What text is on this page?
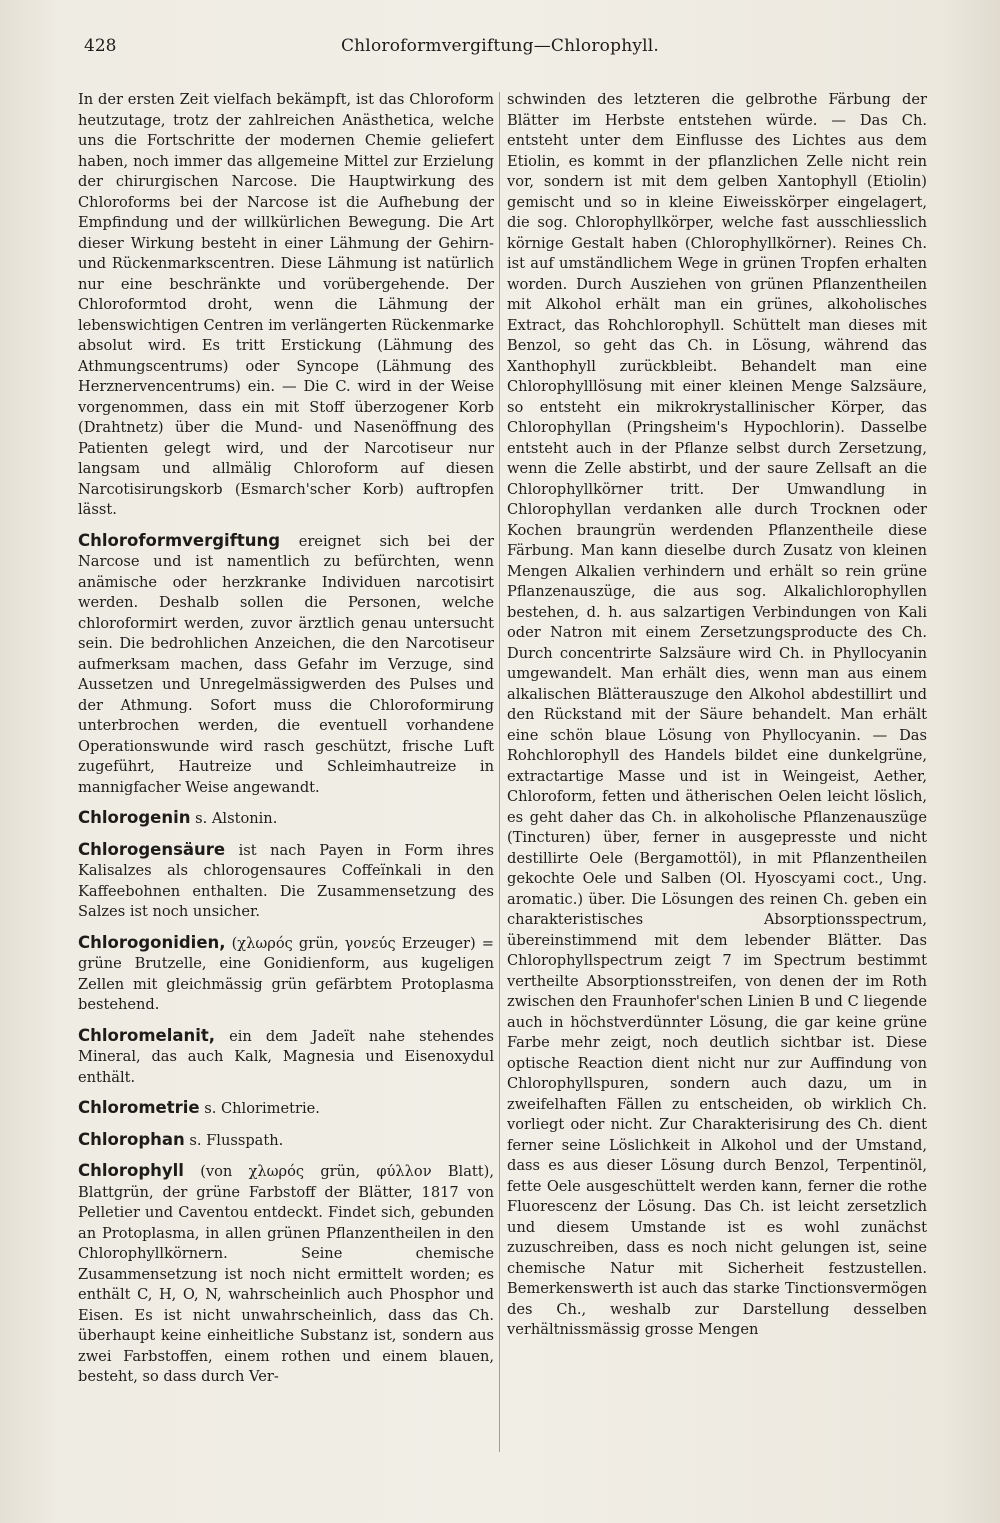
428	Chloroformvergiftung—Chlorophyll.

In der ersten Zeit vielfach bekämpft, ist das Chloroform heutzutage, trotz der zahlreichen Anästhetica, welche uns die Fortschritte der modernen Chemie geliefert haben, noch immer das allgemeine Mittel zur Erzielung der chirurgischen Narcose. Die Hauptwirkung des Chloroforms bei der Narcose ist die Aufhebung der Empfindung und der willkürlichen Bewegung. Die Art dieser Wirkung besteht in einer Lähmung der Gehirn- und Rückenmarkscentren. Diese Lähmung ist natürlich nur eine beschränkte und vorübergehende. Der Chloroformtod droht, wenn die Lähmung der lebenswichtigen Centren im verlängerten Rückenmarke absolut wird. Es tritt Erstickung (Lähmung des Athmungscentrums) oder Syncope (Lähmung des Herznervencentrums) ein. — Die C. wird in der Weise vorgenommen, dass ein mit Stoff überzogener Korb (Drahtnetz) über die Mund- und Nasenöffnung des Patienten gelegt wird, und der Narcotiseur nur langsam und allmälig Chloroform auf diesen Narcotisirungskorb (Esmarch'scher Korb) auftropfen lässt.

Chloroformvergiftung ereignet sich bei der Narcose und ist namentlich zu befürchten, wenn anämische oder herzkranke Individuen narcotisirt werden. Deshalb sollen die Personen, welche chloroformirt werden, zuvor ärztlich genau untersucht sein. Die bedrohlichen Anzeichen, die den Narcotiseur aufmerksam machen, dass Gefahr im Verzuge, sind Aussetzen und Unregelmässigwerden des Pulses und der Athmung. Sofort muss die Chloroformirung unterbrochen werden, die eventuell vorhandene Operationswunde wird rasch geschützt, frische Luft zugeführt, Hautreize und Schleimhautreize in mannigfacher Weise angewandt.

Chlorogenin s. Alstonin.

Chlorogensäure ist nach Payen in Form ihres Kalisalzes als chlorogensaures Coffeïnkali in den Kaffeebohnen enthalten. Die Zusammensetzung des Salzes ist noch unsicher.

Chlorogonidien, (χλωρός grün, γονεύς Erzeuger) = grüne Brutzelle, eine Gonidienform, aus kugeligen Zellen mit gleichmässig grün gefärbtem Protoplasma bestehend.

Chloromelanit, ein dem Jadeït nahe stehendes Mineral, das auch Kalk, Magnesia und Eisenoxydul enthält.

Chlorometrie s. Chlorimetrie.

Chlorophan s. Flusspath.

Chlorophyll (von χλωρός grün, φύλλον Blatt), Blattgrün, der grüne Farbstoff der Blätter, 1817 von Pelletier und Caventou entdeckt. Findet sich, gebunden an Protoplasma, in allen grünen Pflanzentheilen in den Chlorophyllkörnern. Seine chemische Zusammensetzung ist noch nicht ermittelt worden; es enthält C, H, O, N, wahrscheinlich auch Phosphor und Eisen. Es ist nicht unwahrscheinlich, dass das Ch. überhaupt keine einheitliche Substanz ist, sondern aus zwei Farbstoffen, einem rothen und einem blauen, besteht, so dass durch Ver-

schwinden des letzteren die gelbrothe Färbung der Blätter im Herbste entstehen würde. — Das Ch. entsteht unter dem Einflusse des Lichtes aus dem Etiolin, es kommt in der pflanzlichen Zelle nicht rein vor, sondern ist mit dem gelben Xantophyll (Etiolin) gemischt und so in kleine Eiweisskörper eingelagert, die sog. Chlorophyllkörper, welche fast ausschliesslich körnige Gestalt haben (Chlorophyllkörner). Reines Ch. ist auf umständlichem Wege in grünen Tropfen erhalten worden. Durch Ausziehen von grünen Pflanzentheilen mit Alkohol erhält man ein grünes, alkoholisches Extract, das Rohchlorophyll. Schüttelt man dieses mit Benzol, so geht das Ch. in Lösung, während das Xanthophyll zurückbleibt. Behandelt man eine Chlorophylllösung mit einer kleinen Menge Salzsäure, so entsteht ein mikrokrystallinischer Körper, das Chlorophyllan (Pringsheim's Hypochlorin). Dasselbe entsteht auch in der Pflanze selbst durch Zersetzung, wenn die Zelle abstirbt, und der saure Zellsaft an die Chlorophyllkörner tritt. Der Umwandlung in Chlorophyllan verdanken alle durch Trocknen oder Kochen braungrün werdenden Pflanzentheile diese Färbung. Man kann dieselbe durch Zusatz von kleinen Mengen Alkalien verhindern und erhält so rein grüne Pflanzenauszüge, die aus sog. Alkalichlorophyllen bestehen, d. h. aus salzartigen Verbindungen von Kali oder Natron mit einem Zersetzungsproducte des Ch. Durch concentrirte Salzsäure wird Ch. in Phyllocyanin umgewandelt. Man erhält dies, wenn man aus einem alkalischen Blätterauszuge den Alkohol abdestillirt und den Rückstand mit der Säure behandelt. Man erhält eine schön blaue Lösung von Phyllocyanin. — Das Rohchlorophyll des Handels bildet eine dunkelgrüne, extractartige Masse und ist in Weingeist, Aether, Chloroform, fetten und ätherischen Oelen leicht löslich, es geht daher das Ch. in alkoholische Pflanzenauszüge (Tincturen) über, ferner in ausgepresste und nicht destillirte Oele (Bergamottöl), in mit Pflanzentheilen gekochte Oele und Salben (Ol. Hyoscyami coct., Ung. aromatic.) über. Die Lösungen des reinen Ch. geben ein charakteristisches Absorptionsspectrum, übereinstimmend mit dem lebender Blätter. Das Chlorophyllspectrum zeigt 7 im Spectrum bestimmt vertheilte Absorptionsstreifen, von denen der im Roth zwischen den Fraunhofer'schen Linien B und C liegende auch in höchstverdünnter Lösung, die gar keine grüne Farbe mehr zeigt, noch deutlich sichtbar ist. Diese optische Reaction dient nicht nur zur Auffindung von Chlorophyllspuren, sondern auch dazu, um in zweifelhaften Fällen zu entscheiden, ob wirklich Ch. vorliegt oder nicht. Zur Charakterisirung des Ch. dient ferner seine Löslichkeit in Alkohol und der Umstand, dass es aus dieser Lösung durch Benzol, Terpentinöl, fette Oele ausgeschüttelt werden kann, ferner die rothe Fluorescenz der Lösung. Das Ch. ist leicht zersetzlich und diesem Umstande ist es wohl zunächst zuzuschreiben, dass es noch nicht gelungen ist, seine chemische Natur mit Sicherheit festzustellen. Bemerkenswerth ist auch das starke Tinctionsvermögen des Ch., weshalb zur Darstellung desselben verhältnissmässig grosse Mengen
